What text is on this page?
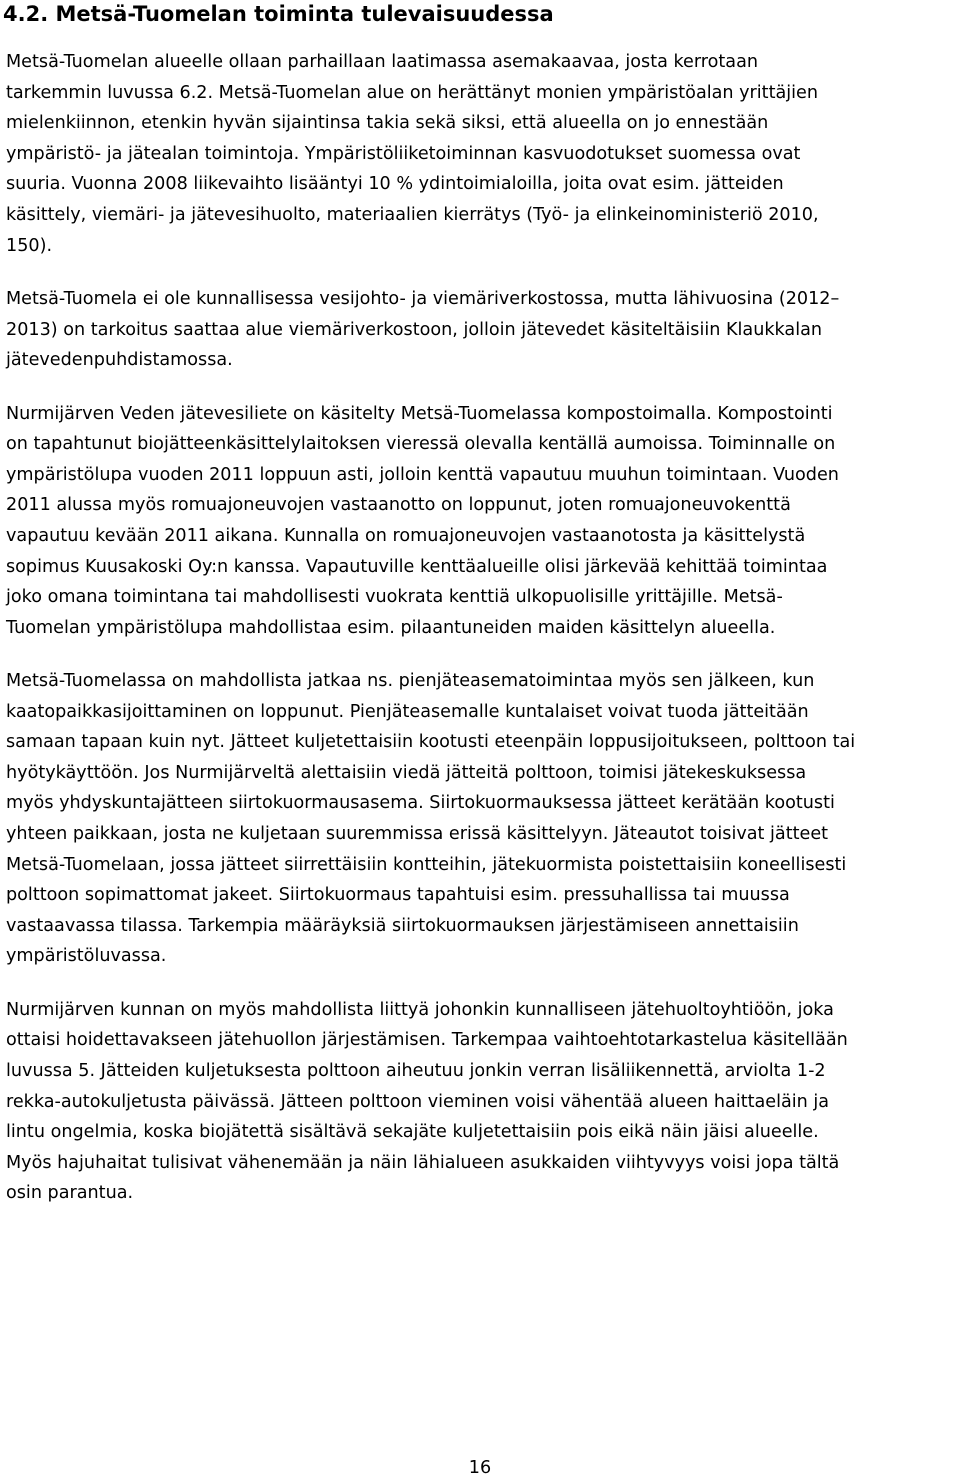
4.2. Metsä-Tuomelan toiminta tulevaisuudessa

Metsä-Tuomelan alueelle ollaan parhaillaan laatimassa asemakaavaa, josta kerrotaan
tarkemmin luvussa 6.2. Metsä-Tuomelan alue on herättänyt monien ympäristöalan yrittäjien
mielenkiinnon, etenkin hyvän sijaintinsa takia sekä siksi, että alueella on jo ennestään
ympäristö- ja jätealan toimintoja. Ympäristöliiketoiminnan kasvuodotukset suomessa ovat
suuria. Vuonna 2008 liikevaihto lisääntyi 10 % ydintoimialoilla, joita ovat esim. jätteiden
käsittely, viemäri- ja jätevesihuolto, materiaalien kierrätys (Työ- ja elinkeinoministeriö 2010,
150).

Metsä-Tuomela ei ole kunnallisessa vesijohto- ja viemäriverkostossa, mutta lähivuosina (2012–
2013) on tarkoitus saattaa alue viemäriverkostoon, jolloin jätevedet käsiteltäisiin Klaukkalan
jätevedenpuhdistamossa.

Nurmijärven Veden jätevesiliete on käsitelty Metsä-Tuomelassa kompostoimalla. Kompostointi
on tapahtunut biojätteenkäsittelylaitoksen vieressä olevalla kentällä aumoissa. Toiminnalle on
ympäristölupa vuoden 2011 loppuun asti, jolloin kenttä vapautuu muuhun toimintaan. Vuoden
2011 alussa myös romuajoneuvojen vastaanotto on loppunut, joten romuajoneuvokenttä
vapautuu kevään 2011 aikana. Kunnalla on romuajoneuvojen vastaanotosta ja käsittelystä
sopimus Kuusakoski Oy:n kanssa. Vapautuville kenttäalueille olisi järkevää kehittää toimintaa
joko omana toimintana tai mahdollisesti vuokrata kenttiä ulkopuolisille yrittäjille. Metsä-
Tuomelan ympäristölupa mahdollistaa esim. pilaantuneiden maiden käsittelyn alueella.

Metsä-Tuomelassa on mahdollista jatkaa ns. pienjäteasematoimintaa myös sen jälkeen, kun
kaatopaikkasijoittaminen on loppunut. Pienjäteasemalle kuntalaiset voivat tuoda jätteitään
samaan tapaan kuin nyt. Jätteet kuljetettaisiin kootusti eteenpäin loppusijoitukseen, polttoon tai
hyötykäyttöön. Jos Nurmijärveltä alettaisiin viedä jätteitä polttoon, toimisi jätekeskuksessa
myös yhdyskuntajätteen siirtokuormausasema. Siirtokuormauksessa jätteet kerätään kootusti
yhteen paikkaan, josta ne kuljetaan suuremmissa erissä käsittelyyn. Jäteautot toisivat jätteet
Metsä-Tuomelaan, jossa jätteet siirrettäisiin kontteihin, jätekuormista poistettaisiin koneellisesti
polttoon sopimattomat jakeet. Siirtokuormaus tapahtuisi esim. pressuhallissa tai muussa
vastaavassa tilassa. Tarkempia määräyksiä siirtokuormauksen järjestämiseen annettaisiin
ympäristöluvassa.

Nurmijärven kunnan on myös mahdollista liittyä johonkin kunnalliseen jätehuoltoyhtiöön, joka
ottaisi hoidettavakseen jätehuollon järjestämisen. Tarkempaa vaihtoehtotarkastelua käsitellään
luvussa 5. Jätteiden kuljetuksesta polttoon aiheutuu jonkin verran lisäliikennettä, arviolta 1-2
rekka-autokuljetusta päivässä. Jätteen polttoon vieminen voisi vähentää alueen haittaeläin ja
lintu ongelmia, koska biojätettä sisältävä sekajäte kuljetettaisiin pois eikä näin jäisi alueelle.
Myös hajuhaitat tulisivat vähenemään ja näin lähialueen asukkaiden viihtyvyys voisi jopa tältä
osin parantua.

16
